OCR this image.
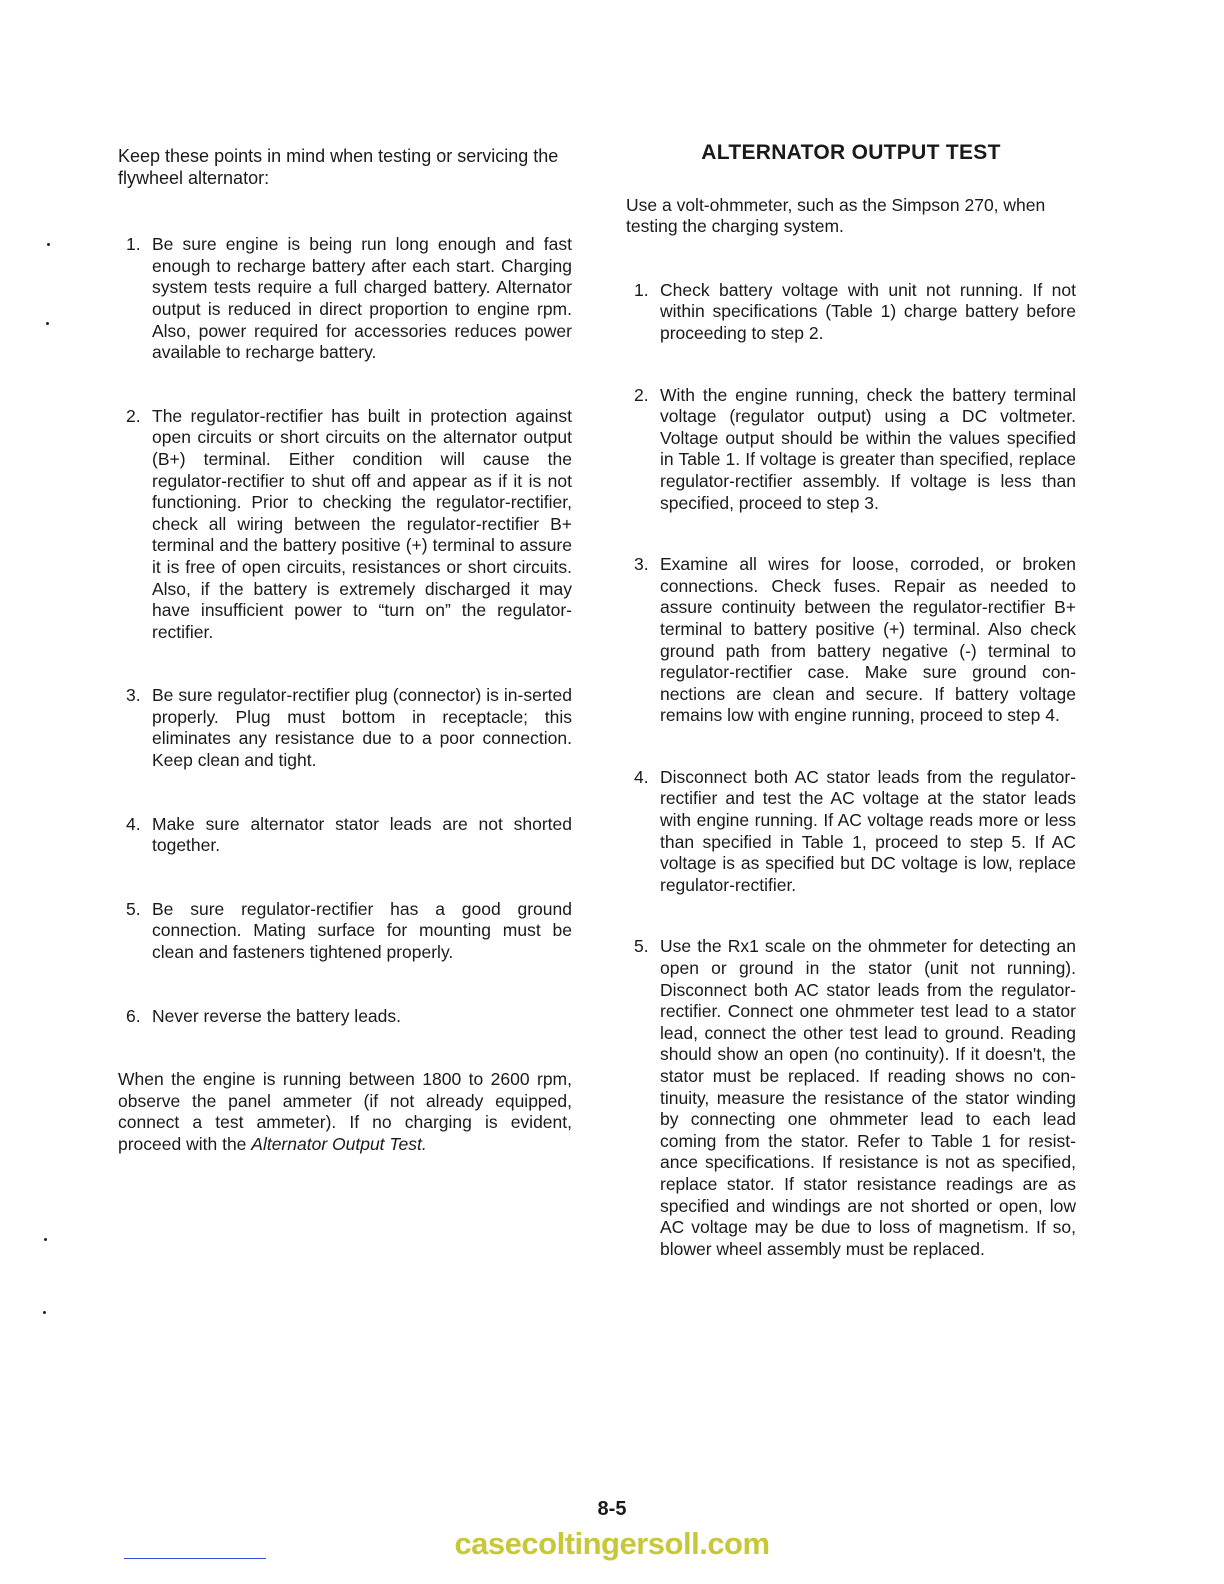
Keep these points in mind when testing or servicing the flywheel alternator:

1. Be sure engine is being run long enough and fast enough to recharge battery after each start. Charging system tests require a full charged battery. Alternator output is reduced in direct proportion to engine rpm. Also, power required for accessories reduces power available to recharge battery.
2. The regulator-rectifier has built in protection against open circuits or short circuits on the alternator output (B+) terminal. Either condition will cause the regulator-rectifier to shut off and appear as if it is not functioning. Prior to checking the regulator-rectifier, check all wiring between the regulator-rectifier B+ terminal and the battery positive (+) terminal to assure it is free of open circuits, resistances or short circuits. Also, if the battery is extremely discharged it may have insufficient power to “turn on” the regulator-rectifier.
3. Be sure regulator-rectifier plug (connector) is in-serted properly. Plug must bottom in receptacle; this eliminates any resistance due to a poor connection. Keep clean and tight.
4. Make sure alternator stator leads are not shorted together.
5. Be sure regulator-rectifier has a good ground connection. Mating surface for mounting must be clean and fasteners tightened properly.
6. Never reverse the battery leads.

When the engine is running between 1800 to 2600 rpm, observe the panel ammeter (if not already equipped, connect a test ammeter). If no charging is evident, proceed with the Alternator Output Test.

ALTERNATOR OUTPUT TEST

Use a volt-ohmmeter, such as the Simpson 270, when testing the charging system.

1. Check battery voltage with unit not running. If not within specifications (Table 1) charge battery before proceeding to step 2.
2. With the engine running, check the battery terminal voltage (regulator output) using a DC voltmeter. Voltage output should be within the values specified in Table 1. If voltage is greater than specified, replace regulator-rectifier assembly. If voltage is less than specified, proceed to step 3.
3. Examine all wires for loose, corroded, or broken connections. Check fuses. Repair as needed to assure continuity between the regulator-rectifier B+ terminal to battery positive (+) terminal. Also check ground path from battery negative (-) terminal to regulator-rectifier case. Make sure ground con-nections are clean and secure. If battery voltage remains low with engine running, proceed to step 4.
4. Disconnect both AC stator leads from the regulator-rectifier and test the AC voltage at the stator leads with engine running. If AC voltage reads more or less than specified in Table 1, proceed to step 5. If AC voltage is as specified but DC voltage is low, replace regulator-rectifier.
5. Use the Rx1 scale on the ohmmeter for detecting an open or ground in the stator (unit not running). Disconnect both AC stator leads from the regulator-rectifier. Connect one ohmmeter test lead to a stator lead, connect the other test lead to ground. Reading should show an open (no continuity). If it doesn't, the stator must be replaced. If reading shows no con-tinuity, measure the resistance of the stator winding by connecting one ohmmeter lead to each lead coming from the stator. Refer to Table 1 for resist-ance specifications. If resistance is not as specified, replace stator. If stator resistance readings are as specified and windings are not shorted or open, low AC voltage may be due to loss of magnetism. If so, blower wheel assembly must be replaced.
8-5
casecoltingersoll.com
